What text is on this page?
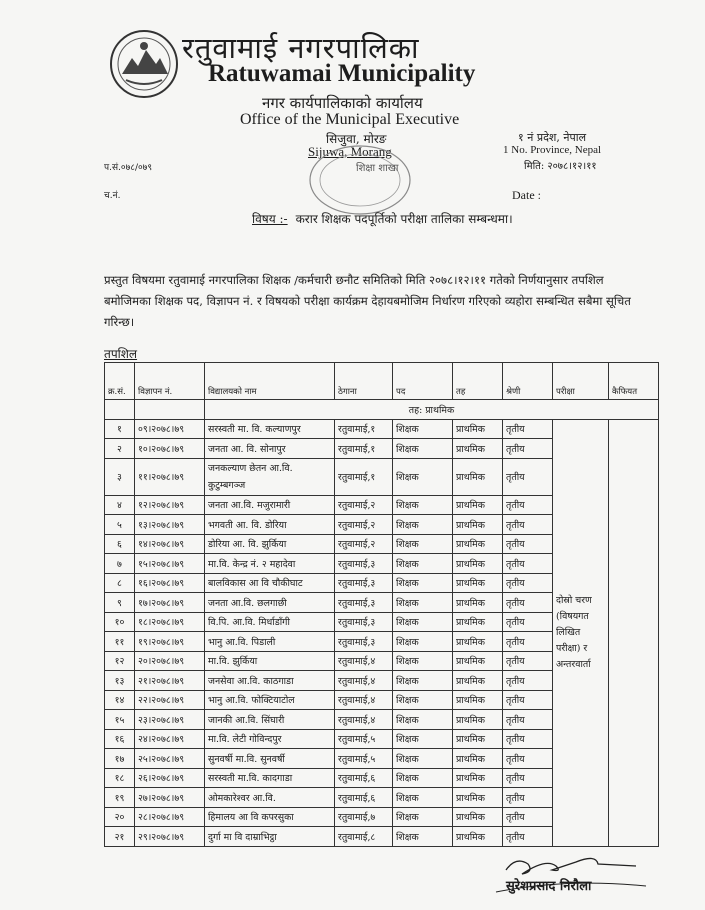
रतुवामाई नगरपालिका
Ratuwamai Municipality
नगर कार्यपालिकाको कार्यालय
Office of the Municipal Executive
सिजुवा, मोरङ
Sijuwa, Morang
१ नं प्रदेश, नेपाल
1 No. Province, Nepal
मिति: २०७८।१२।११
शिक्षा शाखा
प.सं.०७८/०७९
च.नं.	Date :
विषय :- करार शिक्षक पदपूर्तिको परीक्षा तालिका सम्बन्धमा।
प्रस्तुत विषयमा रतुवामाई नगरपालिका शिक्षक /कर्मचारी छनौट समितिको मिति २०७८।१२।११ गतेको निर्णयानुसार तपशिल बमोजिमका शिक्षक पद, विज्ञापन नं. र विषयको परीक्षा कार्यक्रम देहायबमोजिम निर्धारण गरिएको व्यहोरा सम्बन्धित सबैमा सूचित गरिन्छ।
तपशिल
क्र.सं.	विज्ञापन नं.	विद्यालयको नाम	ठेगाना	पद	तह	श्रेणी	परीक्षा	कैफियत
		तह: प्राथमिक						
१	०९।२०७८।७९	सरस्वती मा. वि. कल्याणपुर	रतुवामाई,१	शिक्षक	प्राथमिक	तृतीय	दोस्रो चरण (विषयगत लिखित परीक्षा) र अन्तरवार्ता	
२	१०।२०७८।७९	जनता आ. वि. सोनापुर	रतुवामाई,१	शिक्षक	प्राथमिक	तृतीय		
३	११।२०७८।७९	जनकल्याण छेतन आ.वि. कुटुम्बगञ्ज	रतुवामाई,१	शिक्षक	प्राथमिक	तृतीय		
४	१२।२०७८।७९	जनता आ.वि. मजुरामारी	रतुवामाई,२	शिक्षक	प्राथमिक	तृतीय		
५	१३।२०७८।७९	भगवती आ. वि. डोरिया	रतुवामाई,२	शिक्षक	प्राथमिक	तृतीय		
६	१४।२०७८।७९	डोरिया आ. वि. झुर्किया	रतुवामाई,२	शिक्षक	प्राथमिक	तृतीय		
७	१५।२०७८।७९	मा.वि. केन्द्र नं. २ महादेवा	रतुवामाई,३	शिक्षक	प्राथमिक	तृतीय		
८	१६।२०७८।७९	बालविकास आ वि चौकीघाट	रतुवामाई,३	शिक्षक	प्राथमिक	तृतीय		
९	१७।२०७८।७९	जनता आ.वि. छलगाछी	रतुवामाई,३	शिक्षक	प्राथमिक	तृतीय		
१०	१८।२०७८।७९	वि.पि. आ.वि. मिर्धाडाँगी	रतुवामाई,३	शिक्षक	प्राथमिक	तृतीय		
११	१९।२०७८।७९	भानु आ.वि. पिडाली	रतुवामाई,३	शिक्षक	प्राथमिक	तृतीय		
१२	२०।२०७८।७९	मा.वि. झुर्किया	रतुवामाई,४	शिक्षक	प्राथमिक	तृतीय		
१३	२१।२०७८।७९	जनसेवा आ.वि. काठगाडा	रतुवामाई,४	शिक्षक	प्राथमिक	तृतीय		
१४	२२।२०७८।७९	भानु आ.वि. फोक्टियाटोल	रतुवामाई,४	शिक्षक	प्राथमिक	तृतीय		
१५	२३।२०७८।७९	जानकी आ.वि. सिंघारी	रतुवामाई,४	शिक्षक	प्राथमिक	तृतीय		
१६	२४।२०७८।७९	मा.वि. लेटी गोविन्दपुर	रतुवामाई,५	शिक्षक	प्राथमिक	तृतीय		
१७	२५।२०७८।७९	सुनवर्षी मा.वि. सुनवर्षी	रतुवामाई,५	शिक्षक	प्राथमिक	तृतीय		
१८	२६।२०७८।७९	सरस्वती मा.वि. कादगाडा	रतुवामाई,६	शिक्षक	प्राथमिक	तृतीय		
१९	२७।२०७८।७९	ओमकारेश्वर आ.वि.	रतुवामाई,६	शिक्षक	प्राथमिक	तृतीय		
२०	२८।२०७८।७९	हिमालय आ वि कपरसुका	रतुवामाई,७	शिक्षक	प्राथमिक	तृतीय		
२१	२९।२०७८।७९	दुर्गा मा वि दाम्राभिट्ठा	रतुवामाई,८	शिक्षक	प्राथमिक	तृतीय		
सुरेशप्रसाद निरौला
